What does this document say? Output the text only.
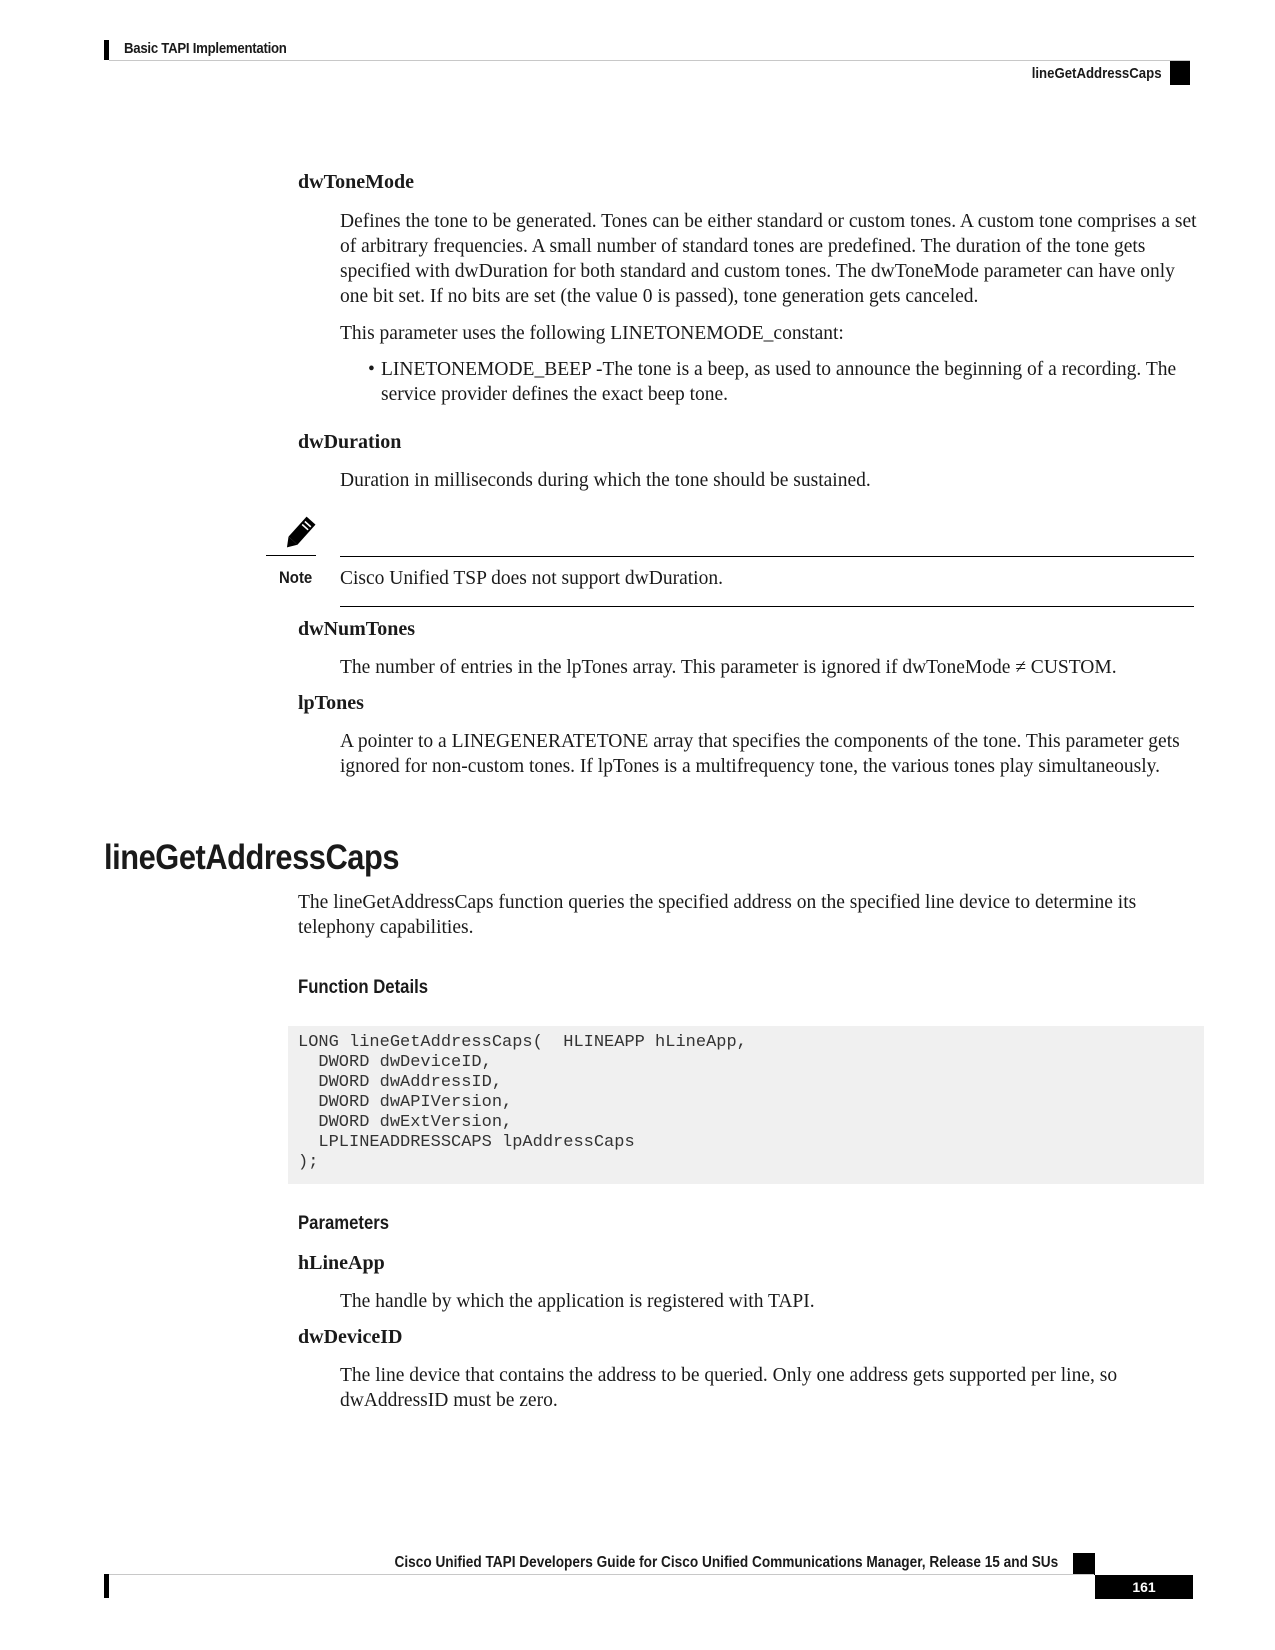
Basic TAPI Implementation
lineGetAddressCaps
dwToneMode
Defines the tone to be generated. Tones can be either standard or custom tones. A custom tone comprises a set of arbitrary frequencies. A small number of standard tones are predefined. The duration of the tone gets specified with dwDuration for both standard and custom tones. The dwToneMode parameter can have only one bit set. If no bits are set (the value 0 is passed), tone generation gets canceled.
This parameter uses the following LINETONEMODE_constant:
• LINETONEMODE_BEEP -The tone is a beep, as used to announce the beginning of a recording. The service provider defines the exact beep tone.
dwDuration
Duration in milliseconds during which the tone should be sustained.
Note Cisco Unified TSP does not support dwDuration.
dwNumTones
The number of entries in the lpTones array. This parameter is ignored if dwToneMode ≠ CUSTOM.
lpTones
A pointer to a LINEGENERATETONE array that specifies the components of the tone. This parameter gets ignored for non-custom tones. If lpTones is a multifrequency tone, the various tones play simultaneously.
lineGetAddressCaps
The lineGetAddressCaps function queries the specified address on the specified line device to determine its telephony capabilities.
Function Details
LONG lineGetAddressCaps(  HLINEAPP hLineApp,
DWORD dwDeviceID,
DWORD dwAddressID,
DWORD dwAPIVersion,
DWORD dwExtVersion,
LPLINEADDRESSCAPS lpAddressCaps
);
Parameters
hLineApp
The handle by which the application is registered with TAPI.
dwDeviceID
The line device that contains the address to be queried. Only one address gets supported per line, so dwAddressID must be zero.
Cisco Unified TAPI Developers Guide for Cisco Unified Communications Manager, Release 15 and SUs
161
